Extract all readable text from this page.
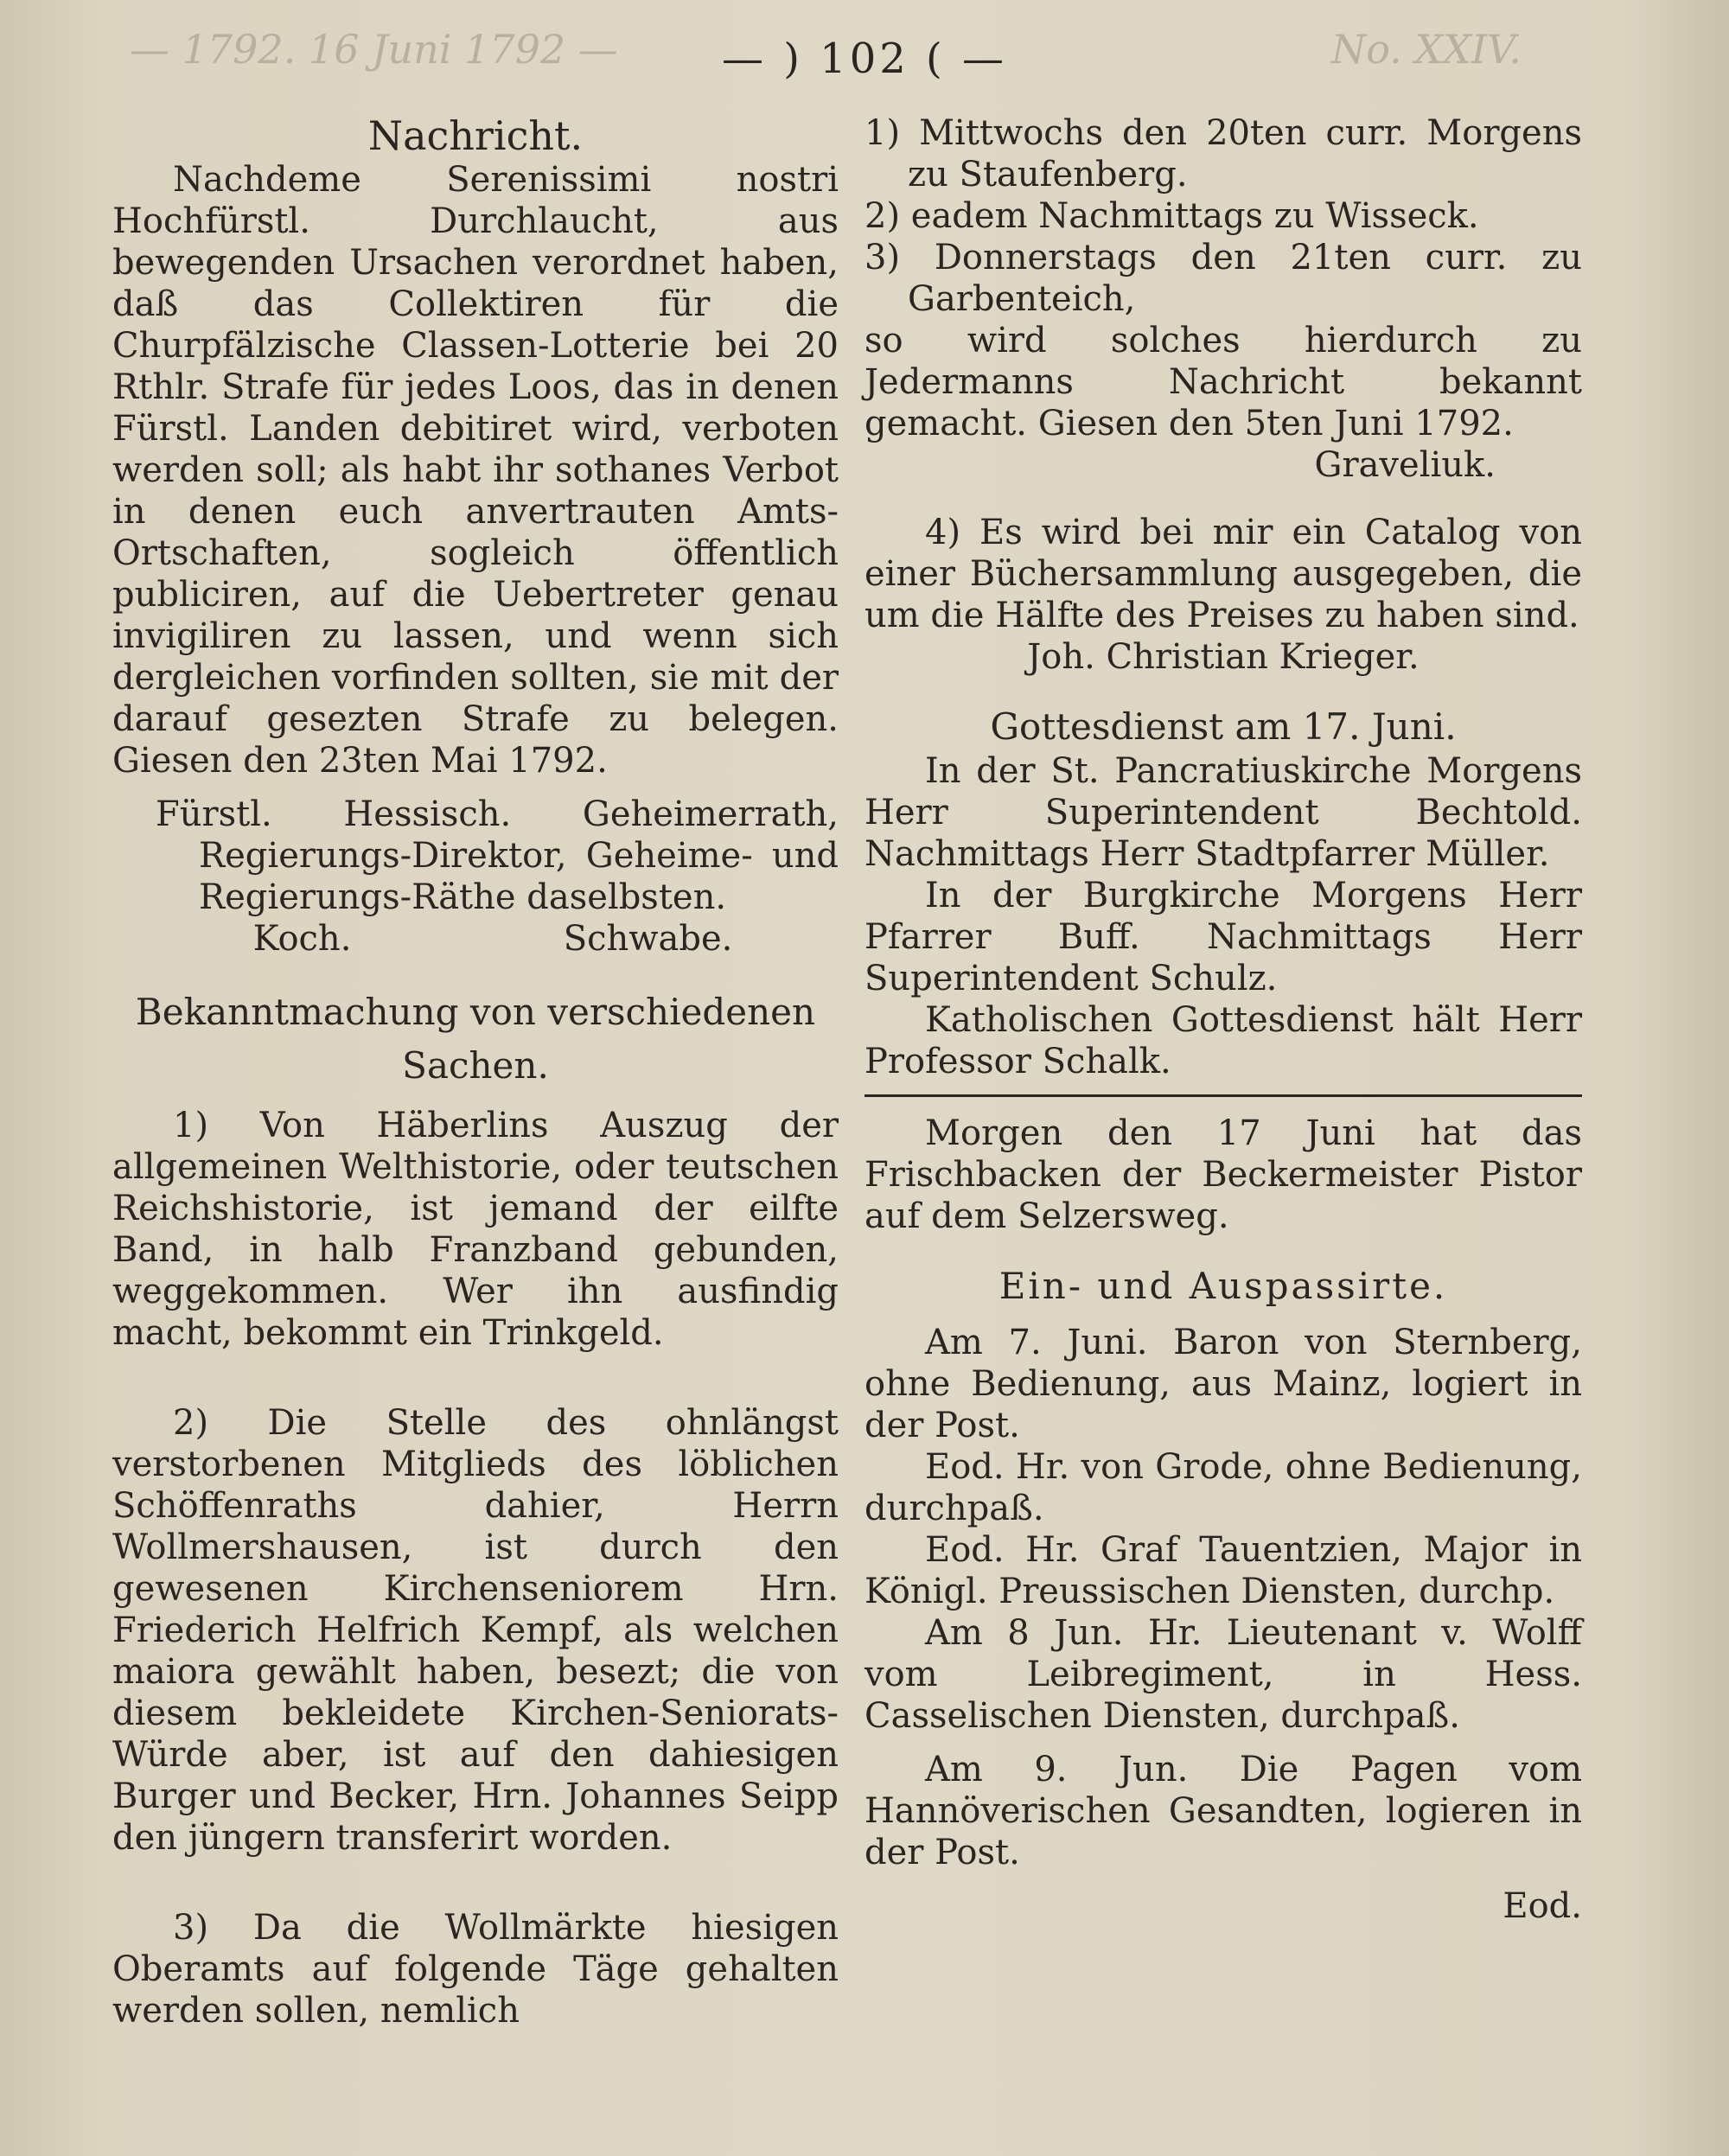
— 1792. 16 Juni 1792 —	No. XXIV.
— ) 102 ( —

Nachricht.

Nachdeme Serenissimi nostri Hochfürstl. Durchlaucht, aus bewegenden Ursachen verordnet haben, daß das Collektiren für die Churpfälzische Classen-Lotterie bei 20 Rthlr. Strafe für jedes Loos, das in denen Fürstl. Landen debitiret wird, verboten werden soll; als habt ihr sothanes Verbot in denen euch anvertrauten Amts-Ortschaften, sogleich öffentlich publiciren, auf die Uebertreter genau invigiliren zu lassen, und wenn sich dergleichen vorfinden sollten, sie mit der darauf gesezten Strafe zu belegen. Giesen den 23ten Mai 1792.

Fürstl. Hessisch. Geheimerrath, Regierungs-Direktor, Geheime- und Regierungs-Räthe daselbsten.

Koch.	Schwabe.

Bekanntmachung von verschiedenen Sachen.

1) Von Häberlins Auszug der allgemeinen Welthistorie, oder teutschen Reichshistorie, ist jemand der eilfte Band, in halb Franzband gebunden, weggekommen. Wer ihn ausfindig macht, bekommt ein Trinkgeld.

2) Die Stelle des ohnlängst verstorbenen Mitglieds des löblichen Schöffenraths dahier, Herrn Wollmershausen, ist durch den gewesenen Kirchenseniorem Hrn. Friederich Helfrich Kempf, als welchen maiora gewählt haben, besezt; die von diesem bekleidete Kirchen-Seniorats-Würde aber, ist auf den dahiesigen Burger und Becker, Hrn. Johannes Seipp den jüngern transferirt worden.

3) Da die Wollmärkte hiesigen Oberamts auf folgende Täge gehalten werden sollen, nemlich

1) Mittwochs den 20ten curr. Morgens zu Staufenberg.

2) eadem Nachmittags zu Wisseck.

3) Donnerstags den 21ten curr. zu Garbenteich,

so wird solches hierdurch zu Jedermanns Nachricht bekannt gemacht. Giesen den 5ten Juni 1792.

Graveliuk.

4) Es wird bei mir ein Catalog von einer Büchersammlung ausgegeben, die um die Hälfte des Preises zu haben sind.

Joh. Christian Krieger.

Gottesdienst am 17. Juni.

In der St. Pancratiuskirche Morgens Herr Superintendent Bechtold. Nachmittags Herr Stadtpfarrer Müller.

In der Burgkirche Morgens Herr Pfarrer Buff. Nachmittags Herr Superintendent Schulz.

Katholischen Gottesdienst hält Herr Professor Schalk.

Morgen den 17 Juni hat das Frischbacken der Beckermeister Pistor auf dem Selzersweg.

Ein- und Auspassirte.

Am 7. Juni. Baron von Sternberg, ohne Bedienung, aus Mainz, logiert in der Post.

Eod. Hr. von Grode, ohne Bedienung, durchpaß.

Eod. Hr. Graf Tauentzien, Major in Königl. Preussischen Diensten, durchp.

Am 8 Jun. Hr. Lieutenant v. Wolff vom Leibregiment, in Hess. Casselischen Diensten, durchpaß.

Am 9. Jun. Die Pagen vom Hannöverischen Gesandten, logieren in der Post.

Eod.
